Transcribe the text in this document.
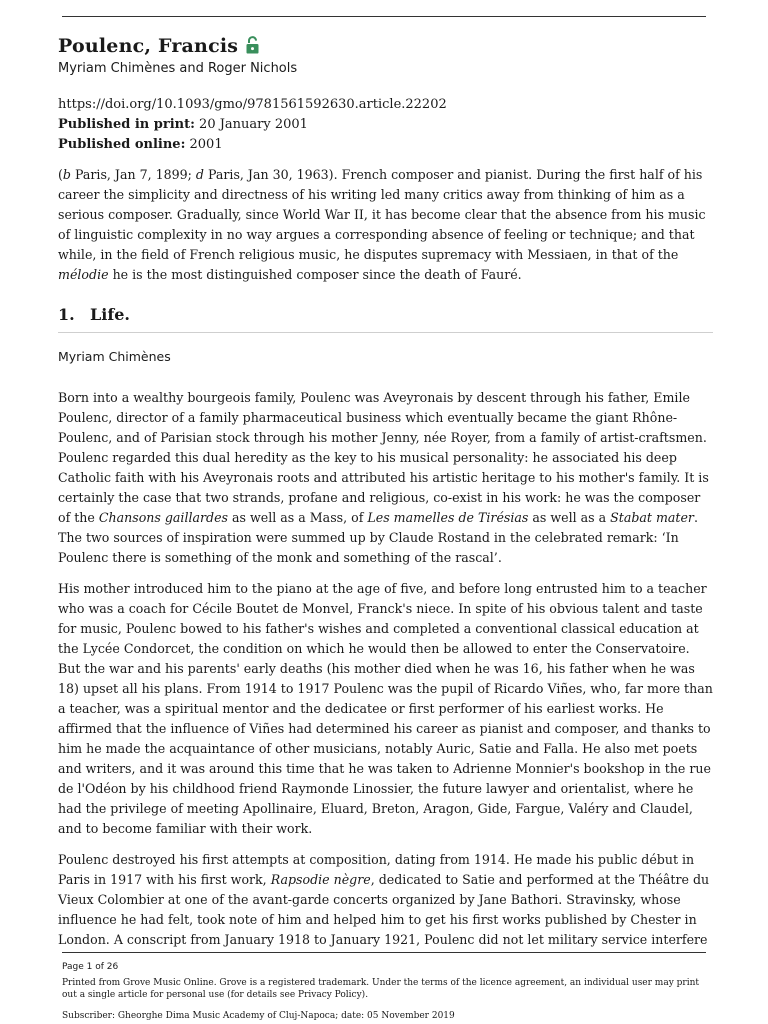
Poulenc, Francis
Myriam Chimènes and Roger Nichols
https://doi.org/10.1093/gmo/9781561592630.article.22202
Published in print: 20 January 2001
Published online: 2001

(b Paris, Jan 7, 1899; d Paris, Jan 30, 1963). French composer and pianist. During the first half of his career the simplicity and directness of his writing led many critics away from thinking of him as a serious composer. Gradually, since World War II, it has become clear that the absence from his music of linguistic complexity in no way argues a corresponding absence of feeling or technique; and that while, in the field of French religious music, he disputes supremacy with Messiaen, in that of the mélodie he is the most distinguished composer since the death of Fauré.

1. Life.
Myriam Chimènes

Born into a wealthy bourgeois family, Poulenc was Aveyronais by descent through his father, Emile Poulenc, director of a family pharmaceutical business which eventually became the giant Rhône-Poulenc, and of Parisian stock through his mother Jenny, née Royer, from a family of artist-craftsmen. Poulenc regarded this dual heredity as the key to his musical personality: he associated his deep Catholic faith with his Aveyronais roots and attributed his artistic heritage to his mother's family. It is certainly the case that two strands, profane and religious, co-exist in his work: he was the composer of the Chansons gaillardes as well as a Mass, of Les mamelles de Tirésias as well as a Stabat mater. The two sources of inspiration were summed up by Claude Rostand in the celebrated remark: ‘In Poulenc there is something of the monk and something of the rascal’.

His mother introduced him to the piano at the age of five, and before long entrusted him to a teacher who was a coach for Cécile Boutet de Monvel, Franck's niece. In spite of his obvious talent and taste for music, Poulenc bowed to his father's wishes and completed a conventional classical education at the Lycée Condorcet, the condition on which he would then be allowed to enter the Conservatoire. But the war and his parents' early deaths (his mother died when he was 16, his father when he was 18) upset all his plans. From 1914 to 1917 Poulenc was the pupil of Ricardo Viñes, who, far more than a teacher, was a spiritual mentor and the dedicatee or first performer of his earliest works. He affirmed that the influence of Viñes had determined his career as pianist and composer, and thanks to him he made the acquaintance of other musicians, notably Auric, Satie and Falla. He also met poets and writers, and it was around this time that he was taken to Adrienne Monnier's bookshop in the rue de l'Odéon by his childhood friend Raymonde Linossier, the future lawyer and orientalist, where he had the privilege of meeting Apollinaire, Eluard, Breton, Aragon, Gide, Fargue, Valéry and Claudel, and to become familiar with their work.

Poulenc destroyed his first attempts at composition, dating from 1914. He made his public début in Paris in 1917 with his first work, Rapsodie nègre, dedicated to Satie and performed at the Théâtre du Vieux Colombier at one of the avant-garde concerts organized by Jane Bathori. Stravinsky, whose influence he had felt, took note of him and helped him to get his first works published by Chester in London. A conscript from January 1918 to January 1921, Poulenc did not let military service interfere

Page 1 of 26
Printed from Grove Music Online. Grove is a registered trademark. Under the terms of the licence agreement, an individual user may print out a single article for personal use (for details see Privacy Policy).
Subscriber: Gheorghe Dima Music Academy of Cluj-Napoca; date: 05 November 2019
